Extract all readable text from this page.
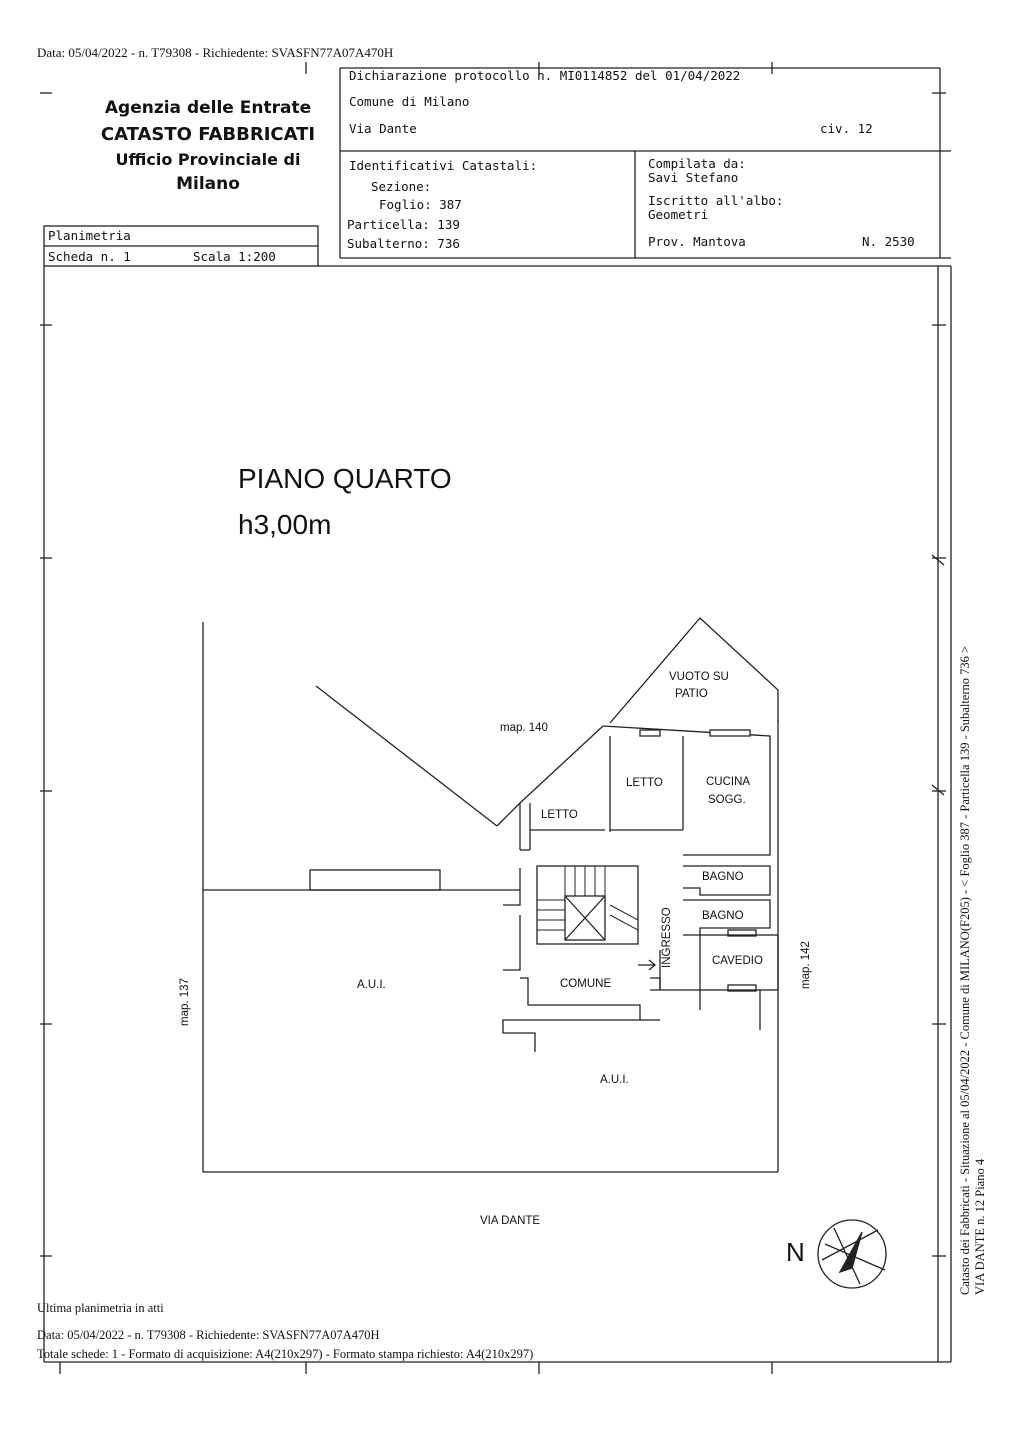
Data: 05/04/2022 - n. T79308 - Richiedente: SVASFN77A07A470H
Agenzia delle Entrate
CATASTO FABBRICATI
Ufficio Provinciale di
Milano
Planimetria
Scheda n. 1	Scala 1:200
Dichiarazione protocollo n. MI0114852 del 01/04/2022
Comune di Milano
Via Dante	civ. 12
Identificativi Catastali:
Sezione:
Foglio: 387
Particella: 139
Subalterno: 736
Compilata da:
Savi Stefano
Iscritto all'albo:
Geometri
Prov. Mantova	N. 2530
PIANO QUARTO
h3,00m
VUOTO SU
PATIO
map. 140
LETTO
LETTO
CUCINA
SOGG.
BAGNO
BAGNO
INGRESSO	CAVEDIO
COMUNE
A.U.I.
A.U.I.
map. 137
map. 142
VIA DANTE
N
Ultima planimetria in atti
Data: 05/04/2022 - n. T79308 - Richiedente: SVASFN77A07A470H
Totale schede: 1 - Formato di acquisizione: A4(210x297) - Formato stampa richiesto: A4(210x297)
Catasto dei Fabbricati - Situazione al 05/04/2022 - Comune di MILANO(F205) - < Foglio 387 - Particella 139 - Subalterno 736 > VIA DANTE n. 12 Piano 4
